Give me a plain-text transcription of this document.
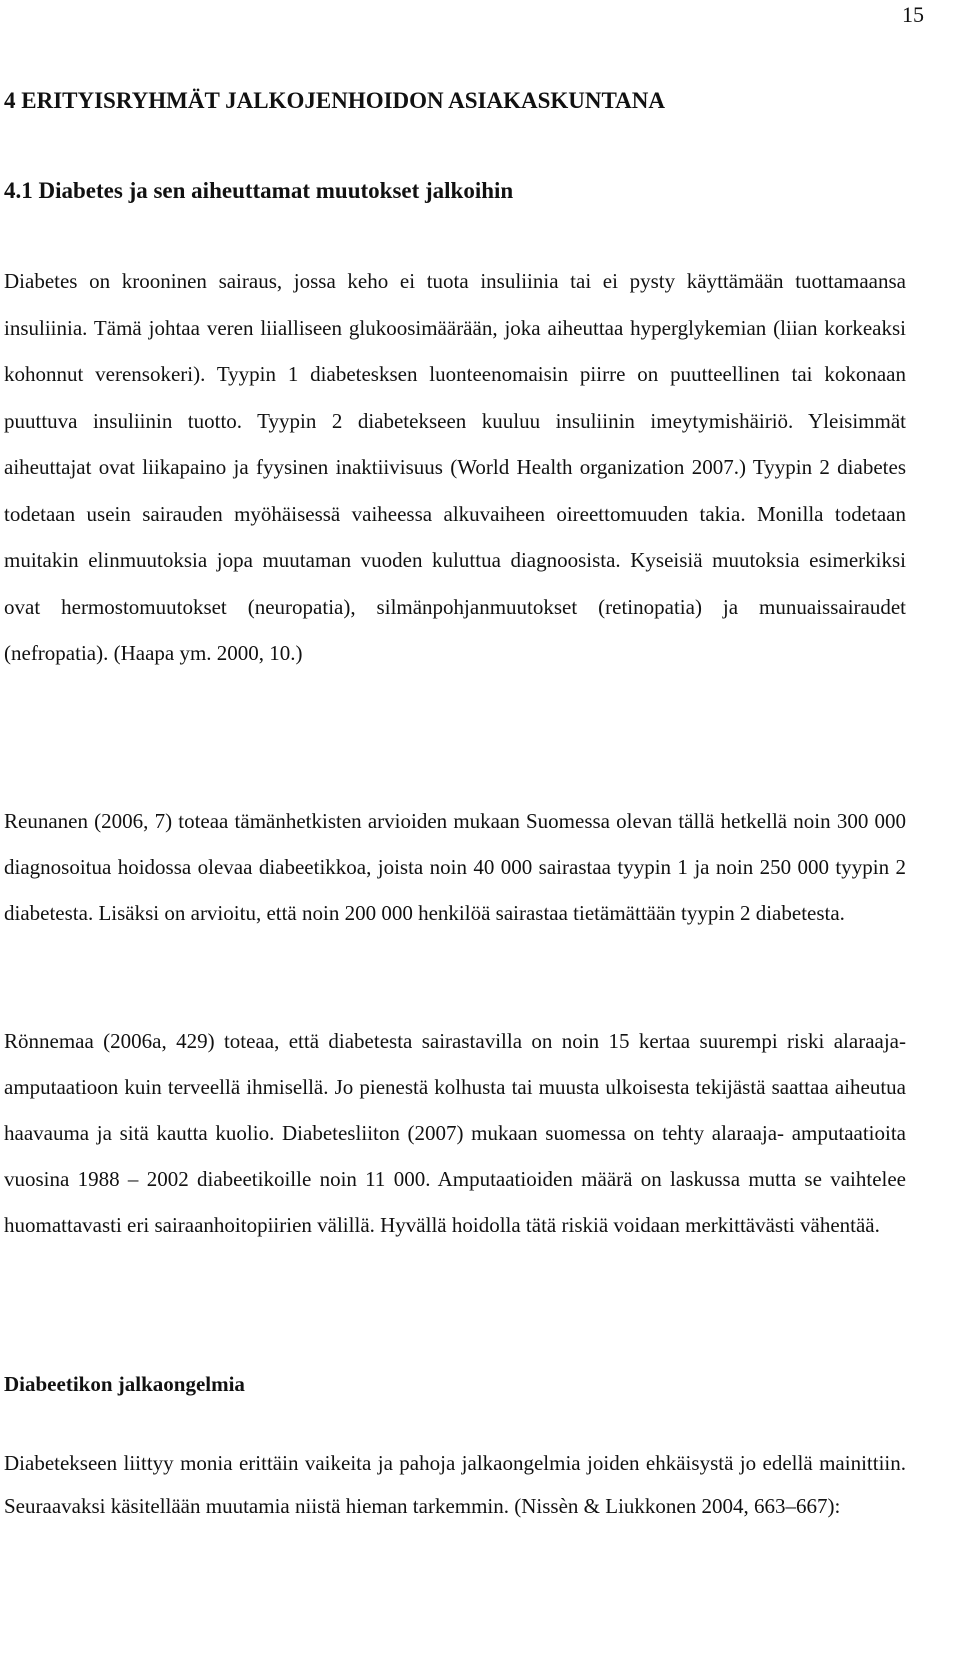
15
4 ERITYISRYHMÄT JALKOJENHOIDON ASIAKASKUNTANA
4.1 Diabetes ja sen aiheuttamat muutokset jalkoihin

Diabetes on krooninen sairaus, jossa keho ei tuota insuliinia tai ei pysty käyttämään tuottamaansa insuliinia. Tämä johtaa veren liialliseen glukoosimäärään, joka aiheuttaa hyperglykemian (liian korkeaksi kohonnut verensokeri). Tyypin 1 diabetesksen luonteenomaisin piirre on puutteellinen tai kokonaan puuttuva insuliinin tuotto. Tyypin 2 diabetekseen kuuluu insuliinin imeytymishäiriö. Yleisimmät aiheuttajat ovat liikapaino ja fyysinen inaktiivisuus (World Health organization 2007.) Tyypin 2 diabetes todetaan usein sairauden myöhäisessä vaiheessa alkuvaiheen oireettomuuden takia. Monilla todetaan muitakin elinmuutoksia jopa muutaman vuoden kuluttua diagnoosista. Kyseisiä muutoksia esimerkiksi ovat hermostomuutokset (neuropatia), silmänpohjanmuutokset (retinopatia) ja munuaissairaudet (nefropatia). (Haapa ym. 2000, 10.)

Reunanen (2006, 7) toteaa tämänhetkisten arvioiden mukaan Suomessa olevan tällä hetkellä noin 300 000 diagnosoitua hoidossa olevaa diabeetikkoa, joista noin 40 000 sairastaa tyypin 1 ja noin 250 000 tyypin 2 diabetesta. Lisäksi on arvioitu, että noin 200 000 henkilöä sairastaa tietämättään tyypin 2 diabetesta.

Rönnemaa (2006a, 429) toteaa, että diabetesta sairastavilla on noin 15 kertaa suurempi riski alaraaja- amputaatioon kuin terveellä ihmisellä. Jo pienestä kolhusta tai muusta ulkoisesta tekijästä saattaa aiheutua haavauma ja sitä kautta kuolio. Diabetesliiton (2007) mukaan suomessa on tehty alaraaja- amputaatioita vuosina 1988 – 2002 diabeetikoille noin 11 000. Amputaatioiden määrä on laskussa mutta se vaihtelee huomattavasti eri sairaanhoitopiirien välillä. Hyvällä hoidolla tätä riskiä voidaan merkittävästi vähentää.

Diabeetikon jalkaongelmia

Diabetekseen liittyy monia erittäin vaikeita ja pahoja jalkaongelmia joiden ehkäisystä jo edellä mainittiin. Seuraavaksi käsitellään muutamia niistä hieman tarkemmin. (Nissèn & Liukkonen 2004, 663–667):
